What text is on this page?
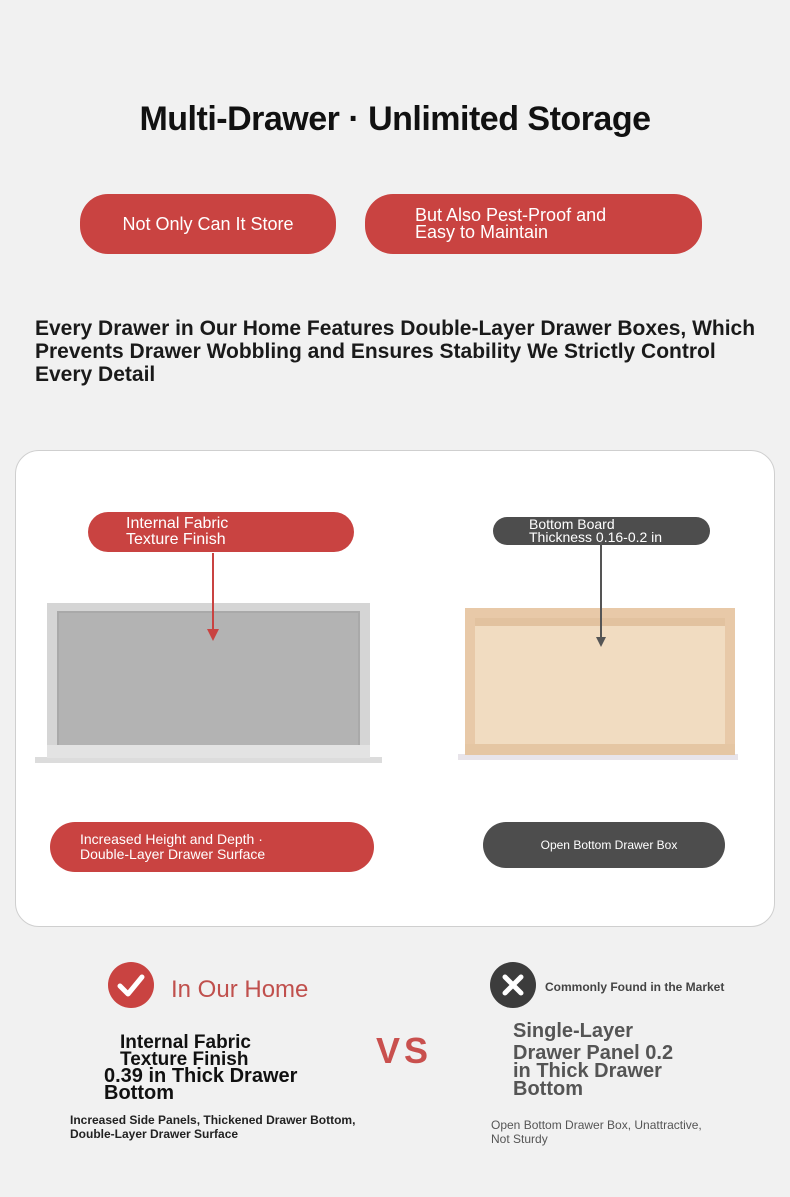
Multi-Drawer · Unlimited Storage
Not Only Can It Store	But Also Pest-Proof and
Easy to Maintain
Every Drawer in Our Home Features Double-Layer Drawer Boxes, Which Prevents Drawer Wobbling and Ensures Stability We Strictly Control Every Detail
Internal Fabric
Texture Finish
Increased Height and Depth ·
Double-Layer Drawer Surface
Bottom Board
Thickness 0.16-0.2 in
Open Bottom Drawer Box
In Our Home
Internal Fabric
Texture Finish
0.39 in Thick Drawer
Bottom
Increased Side Panels, Thickened Drawer Bottom,
Double-Layer Drawer Surface
VS
Commonly Found in the Market
Single-Layer
Drawer Panel 0.2
in Thick Drawer
Bottom
Open Bottom Drawer Box, Unattractive,
Not Sturdy
